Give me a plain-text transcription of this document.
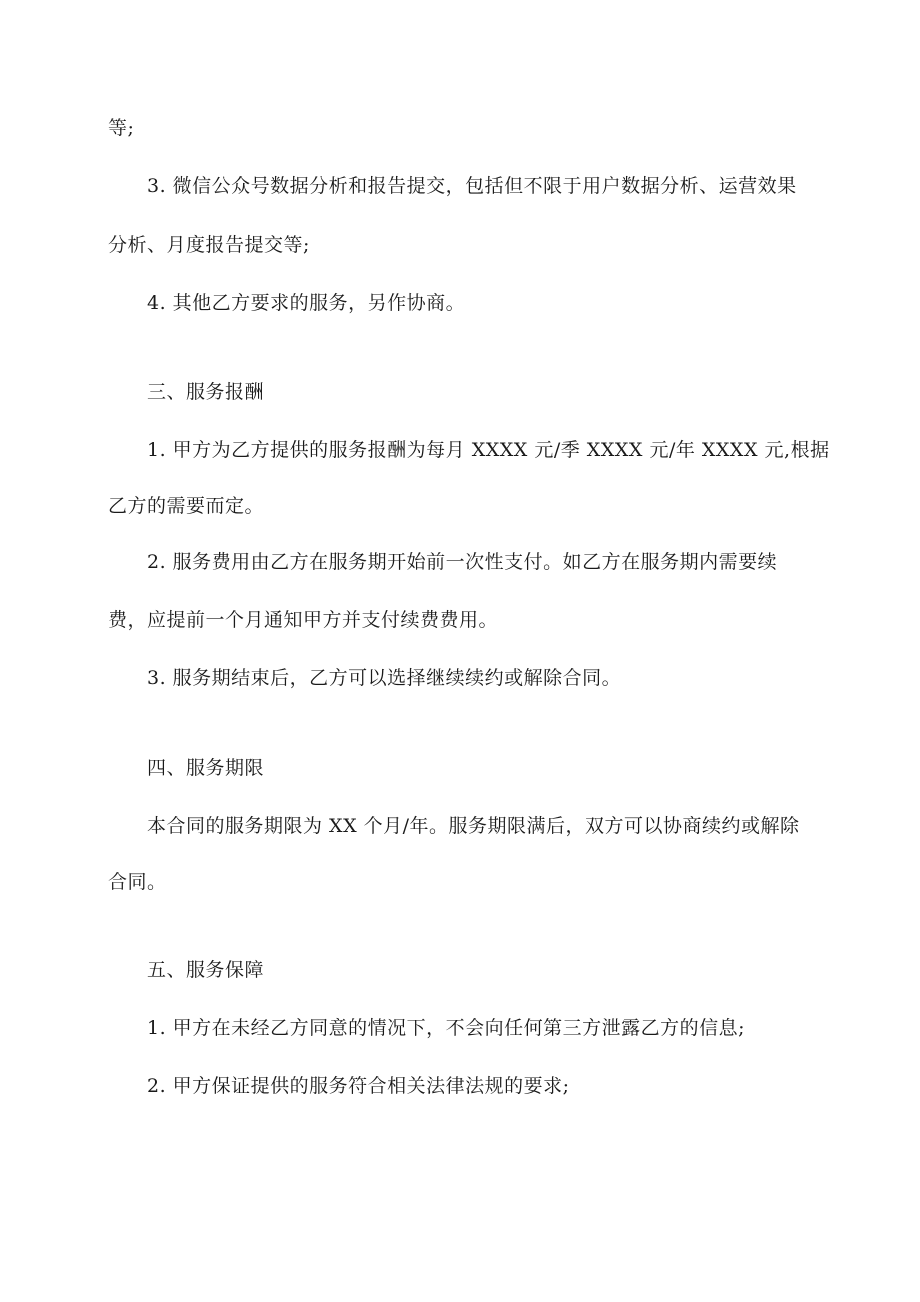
等;
3. 微信公众号数据分析和报告提交，包括但不限于用户数据分析、运营效果
分析、月度报告提交等;
4. 其他乙方要求的服务，另作协商。
三、服务报酬
1. 甲方为乙方提供的服务报酬为每月 XXXX 元/季 XXXX 元/年 XXXX 元,根据
乙方的需要而定。
2. 服务费用由乙方在服务期开始前一次性支付。如乙方在服务期内需要续
费，应提前一个月通知甲方并支付续费费用。
3. 服务期结束后，乙方可以选择继续续约或解除合同。
四、服务期限
本合同的服务期限为 XX 个月/年。服务期限满后，双方可以协商续约或解除
合同。
五、服务保障
1. 甲方在未经乙方同意的情况下，不会向任何第三方泄露乙方的信息;
2. 甲方保证提供的服务符合相关法律法规的要求;
